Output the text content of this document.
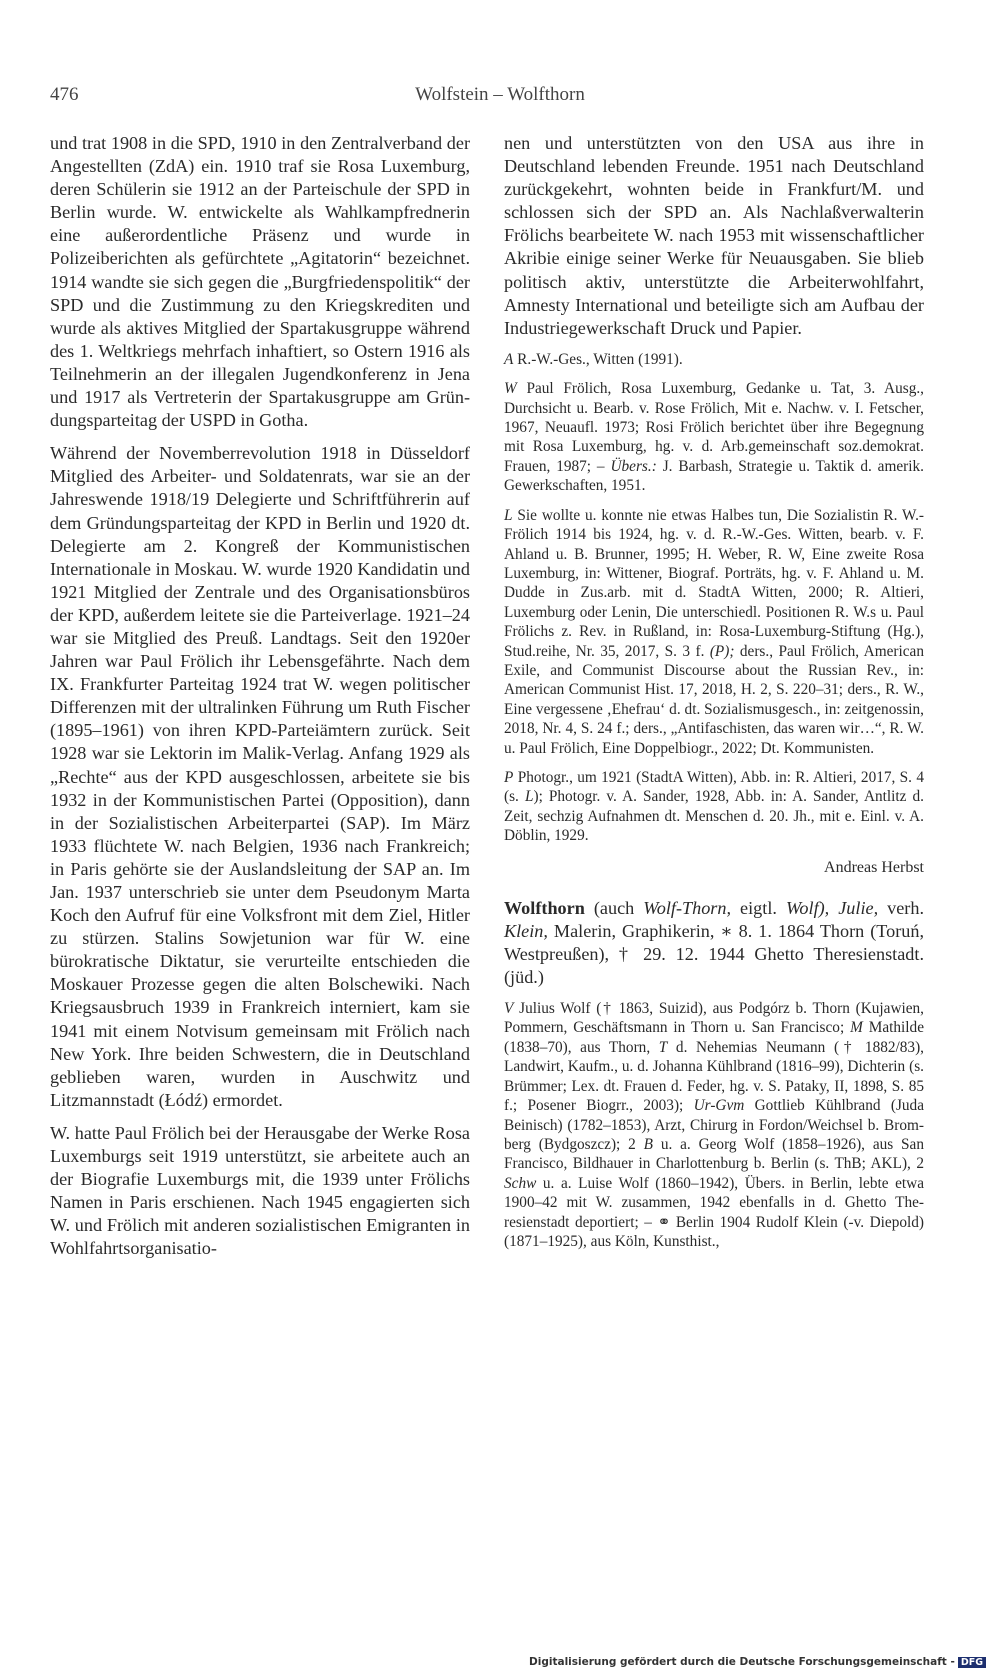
476	Wolfstein – Wolfthorn

und trat 1908 in die SPD, 1910 in den Zentralverband der Angestellten (ZdA) ein. 1910 traf sie Rosa Luxemburg, deren Schülerin sie 1912 an der Parteischule der SPD in Berlin wurde. W. entwickelte als Wahlkampfrednerin eine außerordentliche Präsenz und wurde in Polizeiberichten als gefürchtete „Agitatorin“ bezeichnet. 1914 wandte sie sich gegen die „Burgfriedenspolitik“ der SPD und die Zustimmung zu den Kriegskrediten und wurde als aktives Mitglied der Spartakusgruppe während des 1. Weltkriegs mehrfach inhaftiert, so Ostern 1916 als Teilnehmerin an der illegalen Jugendkonferenz in Jena und 1917 als Vertreterin der Spartakusgruppe am Gründungsparteitag der USPD in Gotha.

Während der Novemberrevolution 1918 in Düsseldorf Mitglied des Arbeiter- und Soldatenrats, war sie an der Jahreswende 1918/19 Delegierte und Schriftführerin auf dem Gründungsparteitag der KPD in Berlin und 1920 dt. Delegierte am 2. Kongreß der Kommunistischen Internationale in Moskau. W. wurde 1920 Kandidatin und 1921 Mitglied der Zentrale und des Organisationsbüros der KPD, außerdem leitete sie die Parteiverlage. 1921–24 war sie Mitglied des Preuß. Landtags. Seit den 1920er Jahren war Paul Frölich ihr Lebensgefährte. Nach dem IX. Frankfurter Parteitag 1924 trat W. wegen politischer Differenzen mit der ultralinken Führung um Ruth Fischer (1895–1961) von ihren KPD-Parteiämtern zurück. Seit 1928 war sie Lektorin im Malik-Verlag. Anfang 1929 als „Rechte“ aus der KPD ausgeschlossen, arbeitete sie bis 1932 in der Kommunistischen Partei (Opposition), dann in der Sozialistischen Arbeiterpartei (SAP). Im März 1933 flüchtete W. nach Belgien, 1936 nach Frankreich; in Paris gehörte sie der Auslandsleitung der SAP an. Im Jan. 1937 unterschrieb sie unter dem Pseudonym Marta Koch den Aufruf für eine Volksfront mit dem Ziel, Hitler zu stürzen. Stalins Sowjetunion war für W. eine bürokratische Diktatur, sie verurteilte entschieden die Moskauer Prozesse gegen die alten Bolschewiki. Nach Kriegsausbruch 1939 in Frankreich interniert, kam sie 1941 mit einem Notvisum gemeinsam mit Frölich nach New York. Ihre beiden Schwestern, die in Deutschland geblieben waren, wurden in Auschwitz und Litzmannstadt (Łódź) ermordet.

W. hatte Paul Frölich bei der Herausgabe der Werke Rosa Luxemburgs seit 1919 unterstützt, sie arbeitete auch an der Biografie Luxemburgs mit, die 1939 unter Frölichs Namen in Paris erschienen. Nach 1945 engagierten sich W. und Frölich mit anderen sozialistischen Emigranten in Wohlfahrtsorganisatio-

nen und unterstützten von den USA aus ihre in Deutschland lebenden Freunde. 1951 nach Deutschland zurückgekehrt, wohnten beide in Frankfurt/M. und schlossen sich der SPD an. Als Nachlaßverwalterin Frölichs bearbeitete W. nach 1953 mit wissenschaftlicher Akribie einige seiner Werke für Neuausgaben. Sie blieb politisch aktiv, unterstützte die Arbeiterwohlfahrt, Amnesty International und beteiligte sich am Aufbau der Industriegewerkschaft Druck und Papier.

A R.-W.-Ges., Witten (1991).

W Paul Frölich, Rosa Luxemburg, Gedanke u. Tat, 3. Ausg., Durchsicht u. Bearb. v. Rose Frölich, Mit e. Nachw. v. I. Fetscher, 1967, Neuaufl. 1973; Rosi Frölich berichtet über ihre Begegnung mit Rosa Luxemburg, hg. v. d. Arb.gemeinschaft soz.demokrat. Frauen, 1987; – Übers.: J. Barbash, Strategie u. Taktik d. amerik. Gewerkschaften, 1951.

L Sie wollte u. konnte nie etwas Halbes tun, Die Sozialistin R. W.-Frölich 1914 bis 1924, hg. v. d. R.-W.-Ges. Witten, bearb. v. F. Ahland u. B. Brunner, 1995; H. Weber, R. W, Eine zweite Rosa Luxemburg, in: Wittener, Biograf. Porträts, hg. v. F. Ahland u. M. Dudde in Zus.arb. mit d. StadtA Witten, 2000; R. Altieri, Luxemburg oder Lenin, Die unterschiedl. Positionen R. W.s u. Paul Frölichs z. Rev. in Rußland, in: Rosa-Luxemburg-Stiftung (Hg.), Stud.reihe, Nr. 35, 2017, S. 3 f. (P); ders., Paul Frölich, American Exile, and Communist Discourse about the Russian Rev., in: American Communist Hist. 17, 2018, H. 2, S. 220–31; ders., R. W., Eine vergessene ‚Ehefrau‘ d. dt. Sozialismusgesch., in: zeitgenossin, 2018, Nr. 4, S. 24 f.; ders., „Antifaschisten, das waren wir…“, R. W. u. Paul Frölich, Eine Doppelbiogr., 2022; Dt. Kommunisten.

P Photogr., um 1921 (StadtA Witten), Abb. in: R. Altieri, 2017, S. 4 (s. L); Photogr. v. A. Sander, 1928, Abb. in: A. Sander, Antlitz d. Zeit, sechzig Aufnahmen dt. Menschen d. 20. Jh., mit e. Einl. v. A. Döblin, 1929.

Andreas Herbst

Wolfthorn (auch Wolf-Thorn, eigtl. Wolf), Julie, verh. Klein, Malerin, Graphikerin, ∗ 8. 1. 1864 Thorn (Toruń, Westpreußen), † 29. 12. 1944 Ghetto Theresienstadt. (jüd.)

V Julius Wolf († 1863, Suizid), aus Podgórz b. Thorn (Kujawien, Pommern, Geschäftsmann in Thorn u. San Francisco; M Mathilde (1838–70), aus Thorn, T d. Nehemias Neumann († 1882/83), Landwirt, Kaufm., u. d. Johanna Kühlbrand (1816–99), Dichterin (s. Brümmer; Lex. dt. Frauen d. Feder, hg. v. S. Pataky, II, 1898, S. 85 f.; Posener Biogrr., 2003); Ur-Gvm Gottlieb Kühlbrand (Juda Beinisch) (1782–1853), Arzt, Chirurg in Fordon/Weichsel b. Bromberg (Bydgoszcz); 2 B u. a. Georg Wolf (1858–1926), aus San Francisco, Bildhauer in Charlottenburg b. Berlin (s. ThB; AKL), 2 Schw u. a. Luise Wolf (1860–1942), Übers. in Berlin, lebte etwa 1900–42 mit W. zusammen, 1942 ebenfalls in d. Ghetto Theresienstadt deportiert; – ⚭ Berlin 1904 Rudolf Klein (-v. Diepold) (1871–1925), aus Köln, Kunsthist.,

Digitalisierung gefördert durch die Deutsche Forschungsgemeinschaft - DFG
